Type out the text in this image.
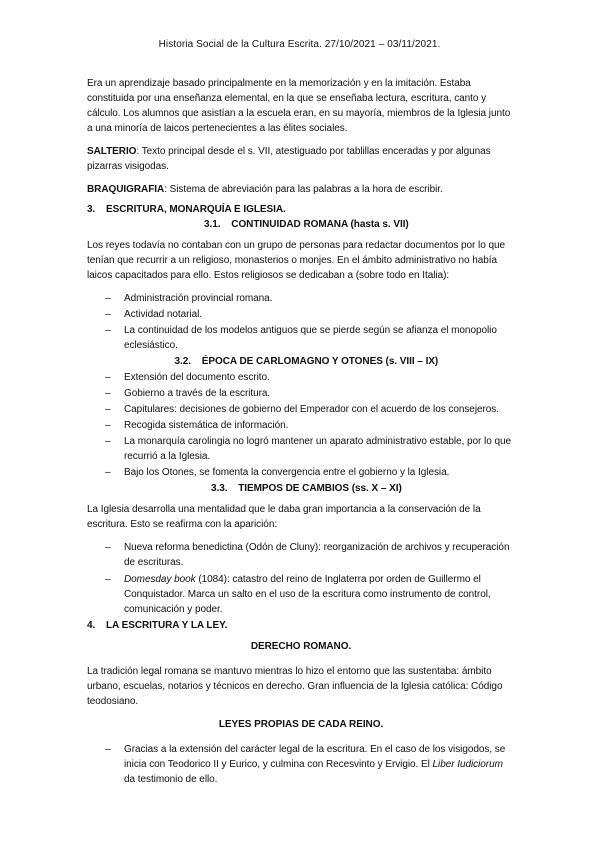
Historia Social de la Cultura Escrita. 27/10/2021 – 03/11/2021.

Era un aprendizaje basado principalmente en la memorización y en la imitación. Estaba constituida por una enseñanza elemental, en la que se enseñaba lectura, escritura, canto y cálculo. Los alumnos que asistían a la escuela eran, en su mayoría, miembros de la Iglesia junto a una minoría de laicos pertenecientes a las élites sociales.

SALTERIO: Texto principal desde el s. VII, atestiguado por tablillas enceradas y por algunas pizarras visigodas.

BRAQUIGRAFIA: Sistema de abreviación para las palabras a la hora de escribir.

3. ESCRITURA, MONARQUÍA E IGLESIA.

3.1. CONTINUIDAD ROMANA (hasta s. VII)

Los reyes todavía no contaban con un grupo de personas para redactar documentos por lo que tenían que recurrir a un religioso, monasterios o monjes. En el ámbito administrativo no había laicos capacitados para ello. Estos religiosos se dedicaban a (sobre todo en Italia):

– Administración provincial romana.
– Actividad notarial.
– La continuidad de los modelos antiguos que se pierde según se afianza el monopolio eclesiástico.

3.2. ÉPOCA DE CARLOMAGNO Y OTONES (s. VIII – IX)

– Extensión del documento escrito.
– Gobierno a través de la escritura.
– Capitulares: decisiones de gobierno del Emperador con el acuerdo de los consejeros.
– Recogida sistemática de información.
– La monarquía carolingia no logró mantener un aparato administrativo estable, por lo que recurrió a la Iglesia.
– Bajo los Otones, se fomenta la convergencia entre el gobierno y la Iglesia.

3.3. TIEMPOS DE CAMBIOS (ss. X – XI)

La Iglesia desarrolla una mentalidad que le daba gran importancia a la conservación de la escritura. Esto se reafirma con la aparición:

– Nueva reforma benedictina (Odón de Cluny): reorganización de archivos y recuperación de escrituras.
– Domesday book (1084): catastro del reino de Inglaterra por orden de Guillermo el Conquistador. Marca un salto en el uso de la escritura como instrumento de control, comunicación y poder.

4. LA ESCRITURA Y LA LEY.

DERECHO ROMANO.

La tradición legal romana se mantuvo mientras lo hizo el entorno que las sustentaba: ámbito urbano, escuelas, notarios y técnicos en derecho. Gran influencia de la Iglesia católica: Código teodosiano.

LEYES PROPIAS DE CADA REINO.

– Gracias a la extensión del carácter legal de la escritura. En el caso de los visigodos, se inicia con Teodorico II y Eurico, y culmina con Recesvinto y Ervigio. El Liber Iudiciorum da testimonio de ello.
